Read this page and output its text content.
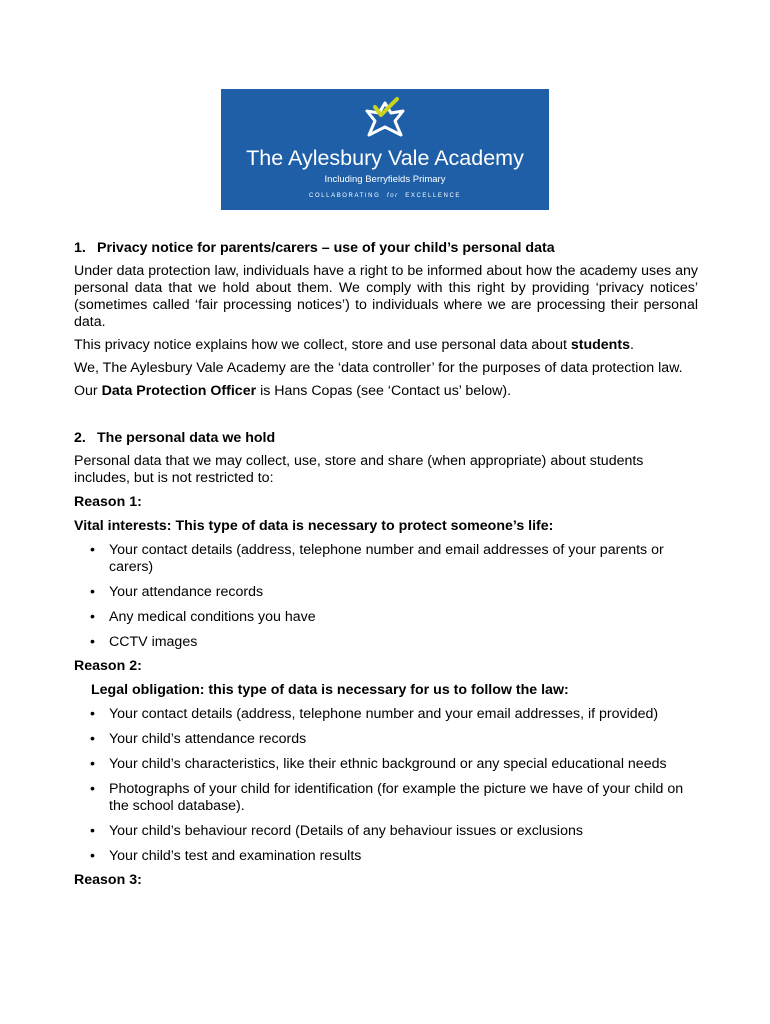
The Aylesbury Vale Academy
Including Berryfields Primary
COLLABORATING for EXCELLENCE
1. Privacy notice for parents/carers – use of your child’s personal data

Under data protection law, individuals have a right to be informed about how the academy uses any personal data that we hold about them. We comply with this right by providing ‘privacy notices’ (sometimes called ‘fair processing notices’) to individuals where we are processing their personal data.

This privacy notice explains how we collect, store and use personal data about students.

We, The Aylesbury Vale Academy are the ‘data controller’ for the purposes of data protection law.

Our Data Protection Officer is Hans Copas (see ‘Contact us’ below).

2. The personal data we hold

Personal data that we may collect, use, store and share (when appropriate) about students includes, but is not restricted to:

Reason 1:

Vital interests: This type of data is necessary to protect someone’s life:

• Your contact details (address, telephone number and email addresses of your parents or carers)
• Your attendance records
• Any medical conditions you have
• CCTV images

Reason 2:

Legal obligation: this type of data is necessary for us to follow the law:

• Your contact details (address, telephone number and your email addresses, if provided)
• Your child’s attendance records
• Your child’s characteristics, like their ethnic background or any special educational needs
• Photographs of your child for identification (for example the picture we have of your child on the school database).
• Your child’s behaviour record (Details of any behaviour issues or exclusions
• Your child’s test and examination results

Reason 3:
